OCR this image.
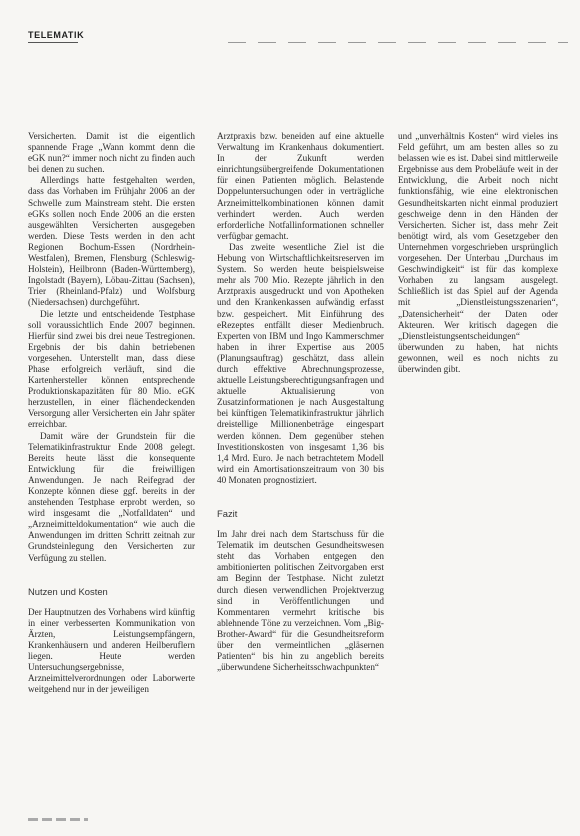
TELEMATIK

Versicherten. Damit ist die eigentlich spannende Frage „Wann kommt denn die eGK nun?“ immer noch nicht zu finden auch bei denen zu suchen.

Allerdings hatte festgehalten werden, dass das Vorhaben im Frühjahr 2006 an der Schwelle zum Mainstream steht. Die ersten eGKs sollen noch Ende 2006 an die ersten ausgewählten Versicherten ausgegeben werden. Diese Tests werden in den acht Regionen Bochum-Essen (Nordrhein-Westfalen), Bremen, Flensburg (Schleswig-Holstein), Heilbronn (Baden-Württemberg), Ingolstadt (Bayern), Löbau-Zittau (Sachsen), Trier (Rheinland-Pfalz) und Wolfsburg (Niedersachsen) durchgeführt.

Die letzte und entscheidende Testphase soll voraussichtlich Ende 2007 beginnen. Hierfür sind zwei bis drei neue Testregionen. Ergebnis der bis dahin betriebenen vorgesehen. Unterstellt man, dass diese Phase erfolgreich verläuft, sind die Kartenhersteller können entsprechende Produktionskapazitäten für 80 Mio. eGK herzustellen, in einer flächendeckenden Versorgung aller Versicherten ein Jahr später erreichbar.

Damit wäre der Grundstein für die Telematikinfrastruktur Ende 2008 gelegt. Bereits heute lässt die konsequente Entwicklung für die freiwilligen Anwendungen. Je nach Reifegrad der Konzepte können diese ggf. bereits in der anstehenden Testphase erprobt werden, so wird insgesamt die „Notfalldaten“ und „Arzneimitteldokumentation“ wie auch die Anwendungen im dritten Schritt zeitnah zur Grundsteinlegung den Versicherten zur Verfügung zu stellen.

Nutzen und Kosten

Der Hauptnutzen des Vorhabens wird künftig in einer verbesserten Kommunikation von Ärzten, Leistungsempfängern, Krankenhäusern und anderen Heilberuflern liegen. Heute werden Untersuchungsergebnisse, Arzneimittelverordnungen oder Laborwerte weitgehend nur in der jeweiligen

Arztpraxis bzw. beneiden auf eine aktuelle Verwaltung im Krankenhaus dokumentiert. In der Zukunft werden einrichtungsübergreifende Dokumentationen für einen Patienten möglich. Belastende Doppeluntersuchungen oder in verträgliche Arzneimittelkombinationen können damit verhindert werden. Auch werden erforderliche Notfallinformationen schneller verfügbar gemacht.

Das zweite wesentliche Ziel ist die Hebung von Wirtschaftlichkeitsreserven im System. So werden heute beispielsweise mehr als 700 Mio. Rezepte jährlich in den Arztpraxis ausgedruckt und von Apotheken und den Krankenkassen aufwändig erfasst bzw. gespeichert. Mit Einführung des eRezeptes entfällt dieser Medienbruch. Experten von IBM und Ingo Kammerschmer haben in ihrer Expertise aus 2005 (Planungsauftrag) geschätzt, dass allein durch effektive Abrechnungsprozesse, aktuelle Leistungsberechtigungsanfragen und aktuelle Aktualisierung von Zusatzinformationen je nach Ausgestaltung bei künftigen Telematikinfrastruktur jährlich dreistellige Millionenbeträge eingespart werden können. Dem gegenüber stehen Investitionskosten von insgesamt 1,36 bis 1,4 Mrd. Euro. Je nach betrachtetem Modell wird ein Amortisationszeitraum von 30 bis 40 Monaten prognostiziert.

Fazit

Im Jahr drei nach dem Startschuss für die Telematik im deutschen Gesundheitswesen steht das Vorhaben entgegen den ambitionierten politischen Zeitvorgaben erst am Beginn der Testphase. Nicht zuletzt durch diesen verwendlichen Projektverzug sind in Veröffentlichungen und Kommentaren vermehrt kritische bis ablehnende Töne zu verzeichnen. Vom „Big-Brother-Award“ für die Gesundheitsreform über den vermeintlichen „gläsernen Patienten“ bis hin zu angeblich bereits „überwundene Sicherheitsschwachpunkten“

und „unverhältnis Kosten“ wird vieles ins Feld geführt, um am besten alles so zu belassen wie es ist. Dabei sind mittlerweile Ergebnisse aus dem Probeläufe weit in der Entwicklung, die Arbeit noch nicht funktionsfähig, wie eine elektronischen Gesundheitskarten nicht einmal produziert geschweige denn in den Händen der Versicherten. Sicher ist, dass mehr Zeit benötigt wird, als vom Gesetzgeber den Unternehmen vorgeschrieben ursprünglich vorgesehen. Der Unterbau „Durchaus im Geschwindigkeit“ ist für das komplexe Vorhaben zu langsam ausgelegt. Schließlich ist das Spiel auf der Agenda mit „Dienstleistungsszenarien“, „Datensicherheit“ der Daten oder Akteuren. Wer kritisch dagegen die „Dienstleistungsentscheidungen“ überwunden zu haben, hat nichts gewonnen, weil es noch nichts zu überwinden gibt.
